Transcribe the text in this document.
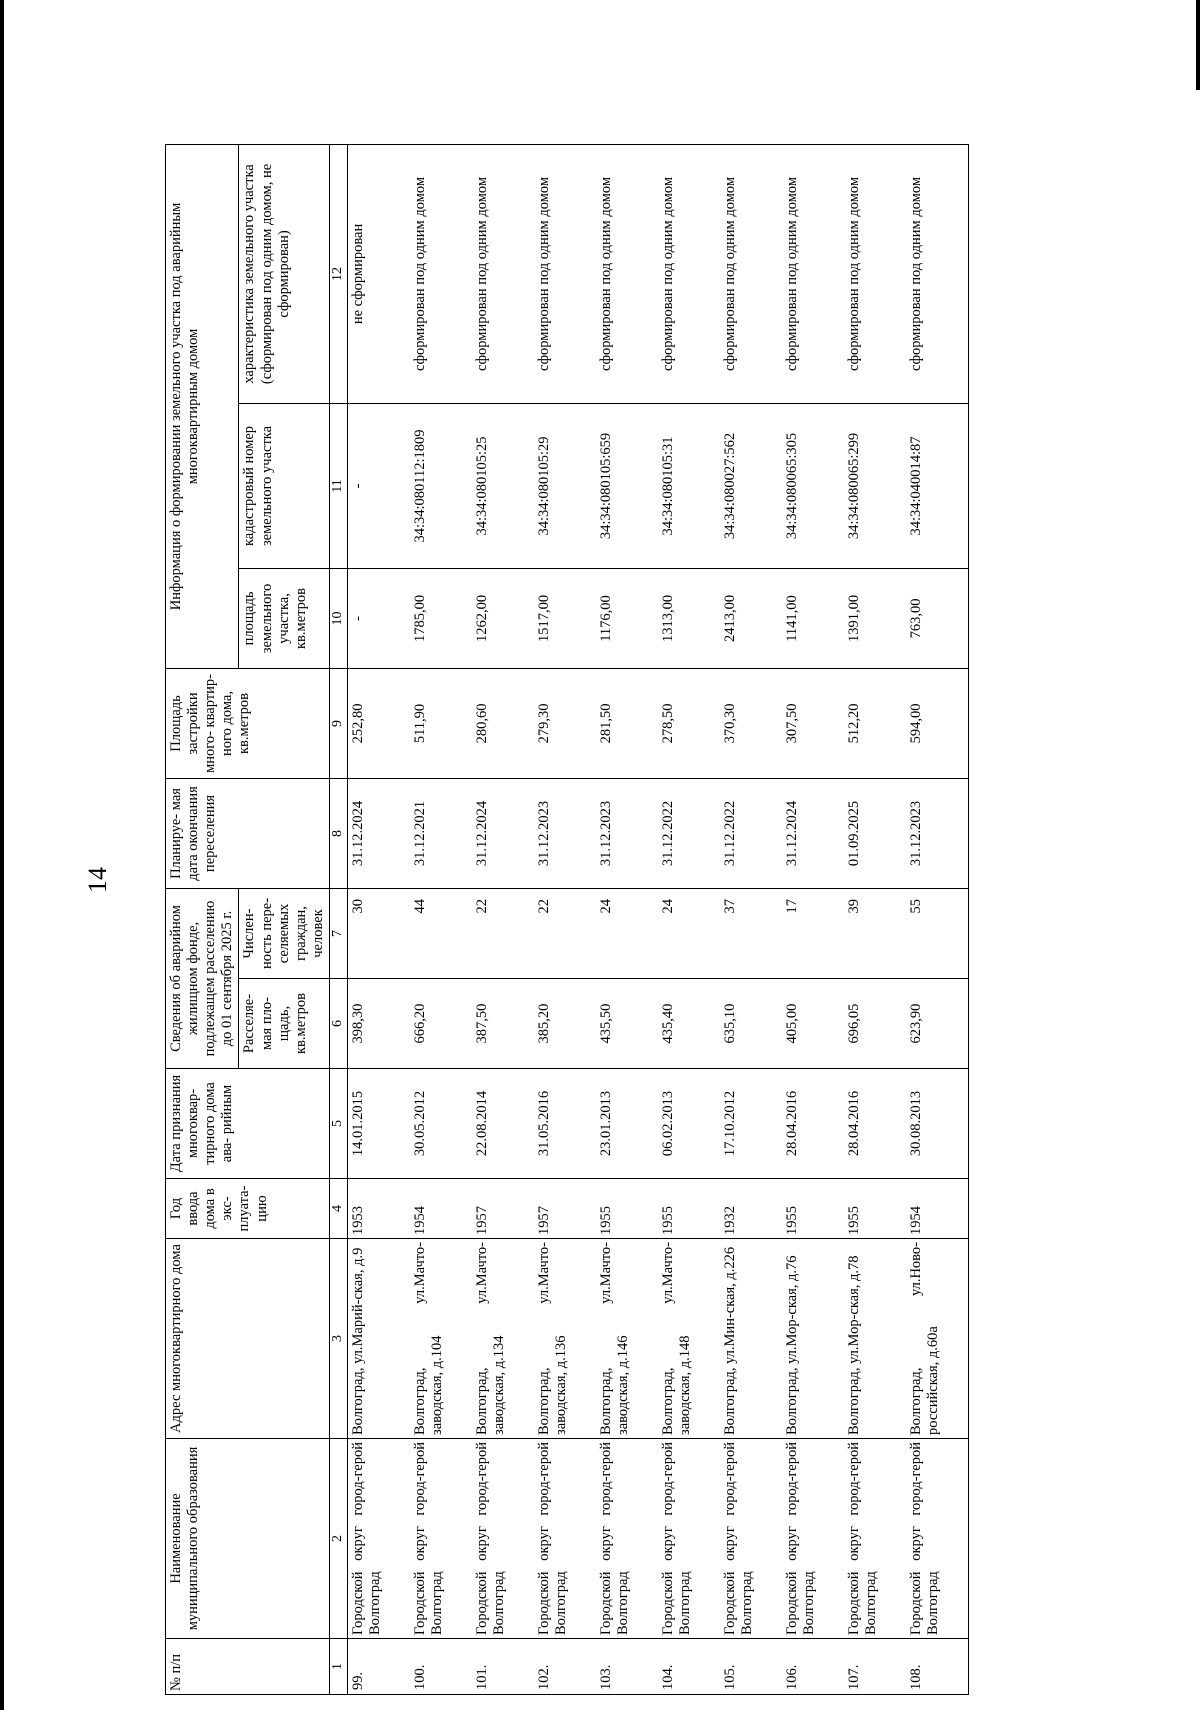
14
№ п/п	Наименование муниципального образования	Адрес многоквартирного дома	Год ввода дома в экс- плуата- цию	Дата признания многоквар- тирного дома ава- рийным	Сведения об аварийном жилищном фонде, подлежащем расселению до 01 сентября 2025 г.		Планируе- мая дата окончания переселения	Площадь застройки много- квартир- ного дома, кв.метров	Информация о формировании земельного участка под аварийным многоквартирным домом		
					Расселяе- мая пло- щадь, кв.метров	Числен- ность пере- селяемых граждан, человек			площадь земельного участка, кв.метров	кадастровый номер земельного участка	характеристика земельного участка (сформирован под одним домом, не сформирован)
1	2	3	4	5	6	7	8	9	10	11	12
99.	Городской округ город-герой Волгоград	Волгоград, ул.Марий-ская, д.9	1953	14.01.2015	398,30	30	31.12.2024	252,80	-	-	не сформирован
100.	Городской округ город-герой Волгоград	Волгоград, ул.Мачто-заводская, д.104	1954	30.05.2012	666,20	44	31.12.2021	511,90	1785,00	34:34:080112:1809	сформирован под одним домом
101.	Городской округ город-герой Волгоград	Волгоград, ул.Мачто-заводская, д.134	1957	22.08.2014	387,50	22	31.12.2024	280,60	1262,00	34:34:080105:25	сформирован под одним домом
102.	Городской округ город-герой Волгоград	Волгоград, ул.Мачто-заводская, д.136	1957	31.05.2016	385,20	22	31.12.2023	279,30	1517,00	34:34:080105:29	сформирован под одним домом
103.	Городской округ город-герой Волгоград	Волгоград, ул.Мачто-заводская, д.146	1955	23.01.2013	435,50	24	31.12.2023	281,50	1176,00	34:34:080105:659	сформирован под одним домом
104.	Городской округ город-герой Волгоград	Волгоград, ул.Мачто-заводская, д.148	1955	06.02.2013	435,40	24	31.12.2022	278,50	1313,00	34:34:080105:31	сформирован под одним домом
105.	Городской округ город-герой Волгоград	Волгоград, ул.Мин-ская, д.226	1932	17.10.2012	635,10	37	31.12.2022	370,30	2413,00	34:34:080027:562	сформирован под одним домом
106.	Городской округ город-герой Волгоград	Волгоград, ул.Мор-ская, д.76	1955	28.04.2016	405,00	17	31.12.2024	307,50	1141,00	34:34:080065:305	сформирован под одним домом
107.	Городской округ город-герой Волгоград	Волгоград, ул.Мор-ская, д.78	1955	28.04.2016	696,05	39	01.09.2025	512,20	1391,00	34:34:080065:299	сформирован под одним домом
108.	Городской округ город-герой Волгоград	Волгоград, ул.Ново-российская, д.60а	1954	30.08.2013	623,90	55	31.12.2023	594,00	763,00	34:34:040014:87	сформирован под одним домом
